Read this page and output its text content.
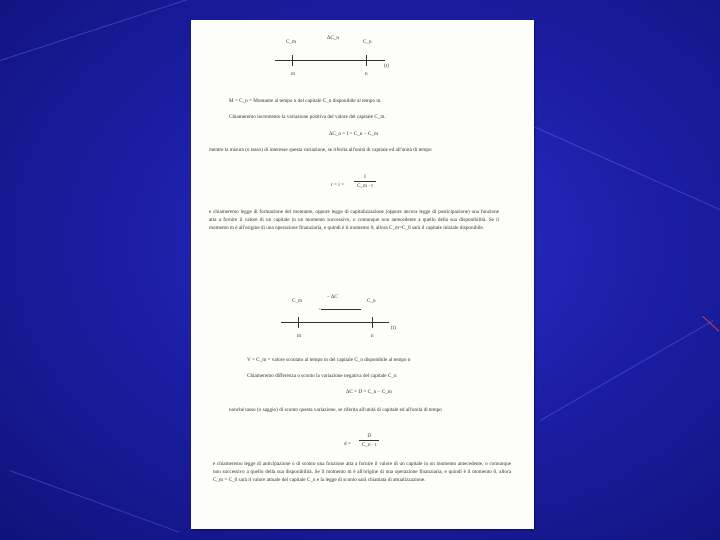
C_m
ΔC_n
C_n
(t)
m	n
M = C_n = Montante al tempo n del capitale C_n disponibile al tempo m.
Chiameremo incremento la variazione positiva del valore del capitale C_m.
ΔC_n = I = C_n − C_m
mentre la misura (o tasso) di interesse questa variazione, se riferita all'unità di capitale ed all'unità di tempo
$r = i = \frac{I}{C\_m \cdot t}$
e chiameremo legge di formazione del montante, oppure legge di capitalizzazione (oppure ancora legge di posticipazione) una funzione atta a fornire il valore di un capitale in un momento successivo, o comunque non antecedente a quello della sua disponibilità. Se il momento m è all'origine di una operazione finanziaria, e quindi è il momento 0, allora C_m=C_0 sarà il capitale iniziale disponibile.
C_m
− ΔC
C_n
‹
(t)
m	n
V = C_m = valore scontato al tempo m del capitale C_n disponibile al tempo n
Chiameremo differenza o sconto la variazione negativa del capitale C_n
ΔC = D = C_n − C_m
nonché tasso (o saggio) di sconto questa variazione, se riferita all'unità di capitale ed all'unità di tempo
$d = \frac{D}{C\_n \cdot t}$
e chiameremo legge di anticipazione o di sconto una funzione atta a fornire il valore di un capitale in un momento antecedente, o comunque non successivo a quello della sua disponibilità. Se il momento m è all'origine di una operazione finanziaria, e quindi è il momento 0, allora C_m = C_0 sarà il valore attuale del capitale C_n e la legge di sconto sarà chiamata di attualizzazione.
